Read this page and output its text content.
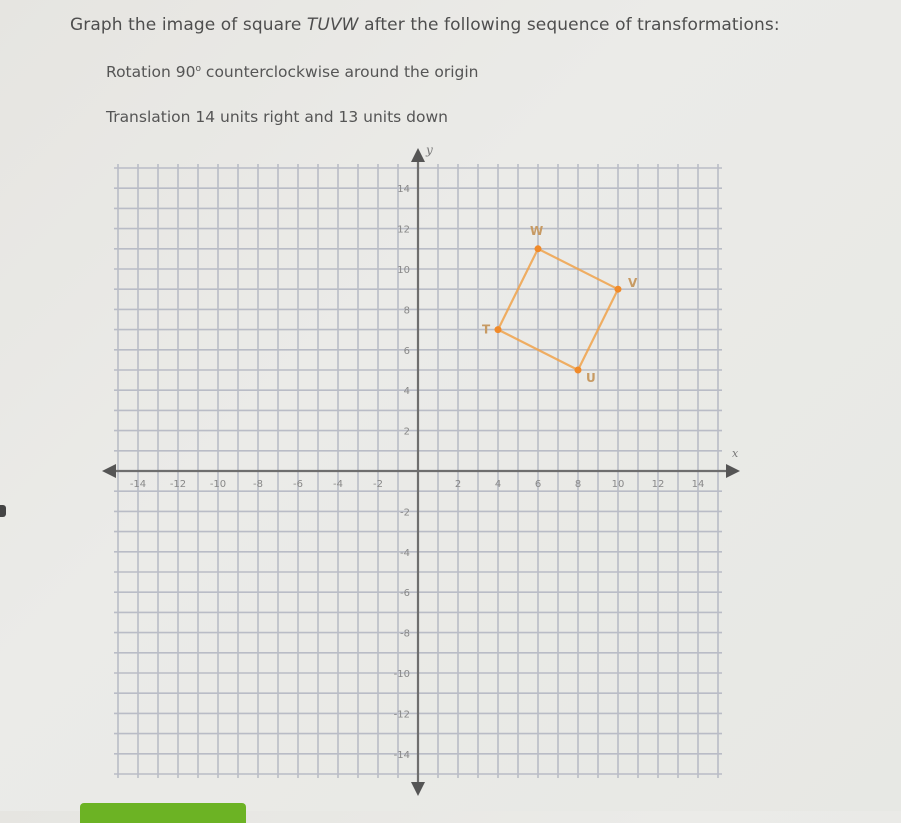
Graph the image of square TUVW after the following sequence of transformations:
Rotation 90$^o$ counterclockwise around the origin
Translation 14 units right and 13 units down
x
y
-14 -12 -10	-8	-6	-4	-2	2	4	6	8	10	12	14
14
12
10
8
6
4
2
-2
-4
-6
-8
-10
-12
-14
T
U
V
W
